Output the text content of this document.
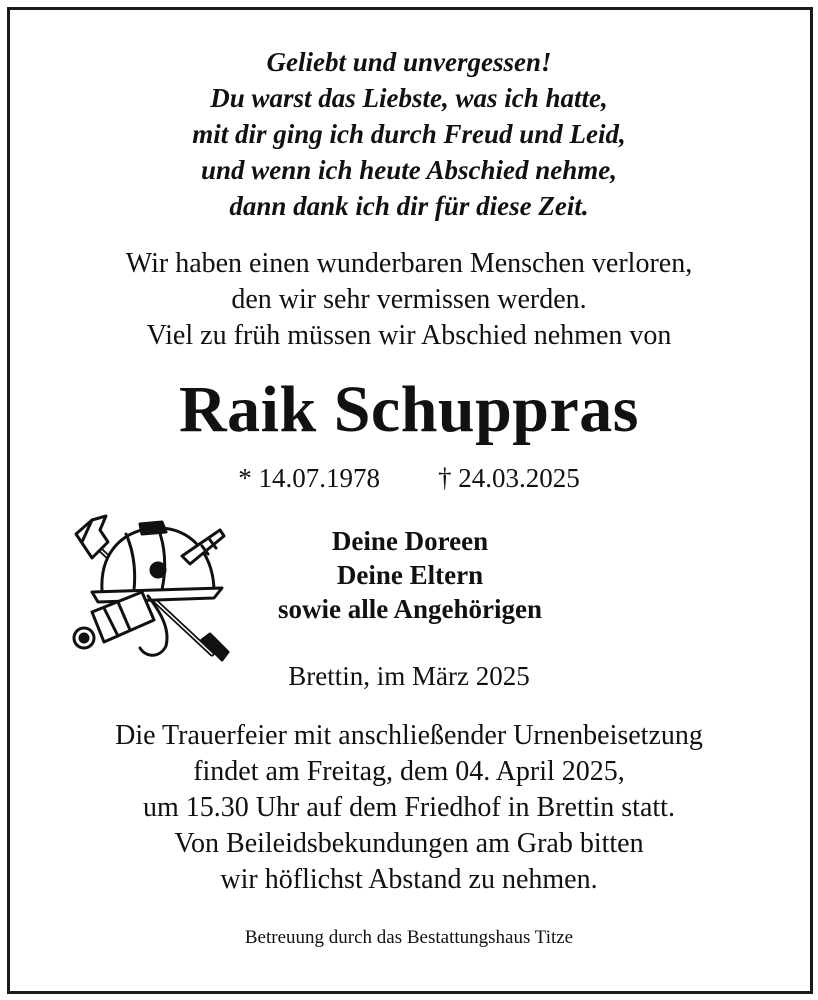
Geliebt und unvergessen!
Du warst das Liebste, was ich hatte,
mit dir ging ich durch Freud und Leid,
und wenn ich heute Abschied nehme,
dann dank ich dir für diese Zeit.
Wir haben einen wunderbaren Menschen verloren,
den wir sehr vermissen werden.
Viel zu früh müssen wir Abschied nehmen von
Raik Schuppras
* 14.07.1978 † 24.03.2025
Deine Doreen
Deine Eltern
sowie alle Angehörigen
Brettin, im März 2025
Die Trauerfeier mit anschließender Urnenbeisetzung
findet am Freitag, dem 04. April 2025,
um 15.30 Uhr auf dem Friedhof in Brettin statt.
Von Beileidsbekundungen am Grab bitten
wir höflichst Abstand zu nehmen.
Betreuung durch das Bestattungshaus Titze
